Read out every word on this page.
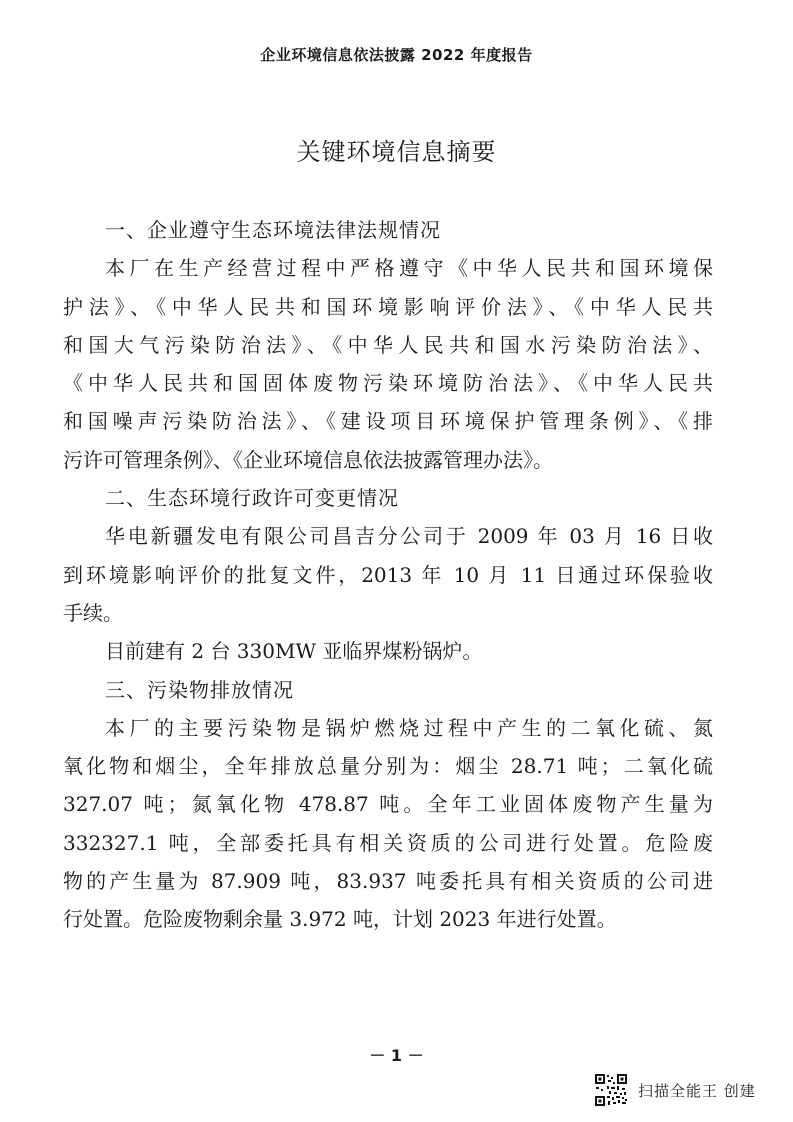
企业环境信息依法披露 2022 年度报告
关键环境信息摘要
一、企业遵守生态环境法律法规情况
本厂在生产经营过程中严格遵守《中华人民共和国环境保
护法》、《中华人民共和国环境影响评价法》、《中华人民共
和国大气污染防治法》、《中华人民共和国水污染防治法》、
《中华人民共和国固体废物污染环境防治法》、《中华人民共
和国噪声污染防治法》、《建设项目环境保护管理条例》、《排
污许可管理条例》、《企业环境信息依法披露管理办法》。
二、生态环境行政许可变更情况
华电新疆发电有限公司昌吉分公司于 2009 年 03 月 16 日收
到环境影响评价的批复文件，2013 年 10 月 11 日通过环保验收
手续。
目前建有 2 台 330MW 亚临界煤粉锅炉。
三、污染物排放情况
本厂的主要污染物是锅炉燃烧过程中产生的二氧化硫、氮
氧化物和烟尘，全年排放总量分别为：烟尘 28.71 吨；二氧化硫
327.07 吨；氮氧化物 478.87 吨。全年工业固体废物产生量为
332327.1 吨，全部委托具有相关资质的公司进行处置。危险废
物的产生量为 87.909 吨，83.937 吨委托具有相关资质的公司进
行处置。危险废物剩余量 3.972 吨，计划 2023 年进行处置。
－ 1 －
扫描全能王 创建
